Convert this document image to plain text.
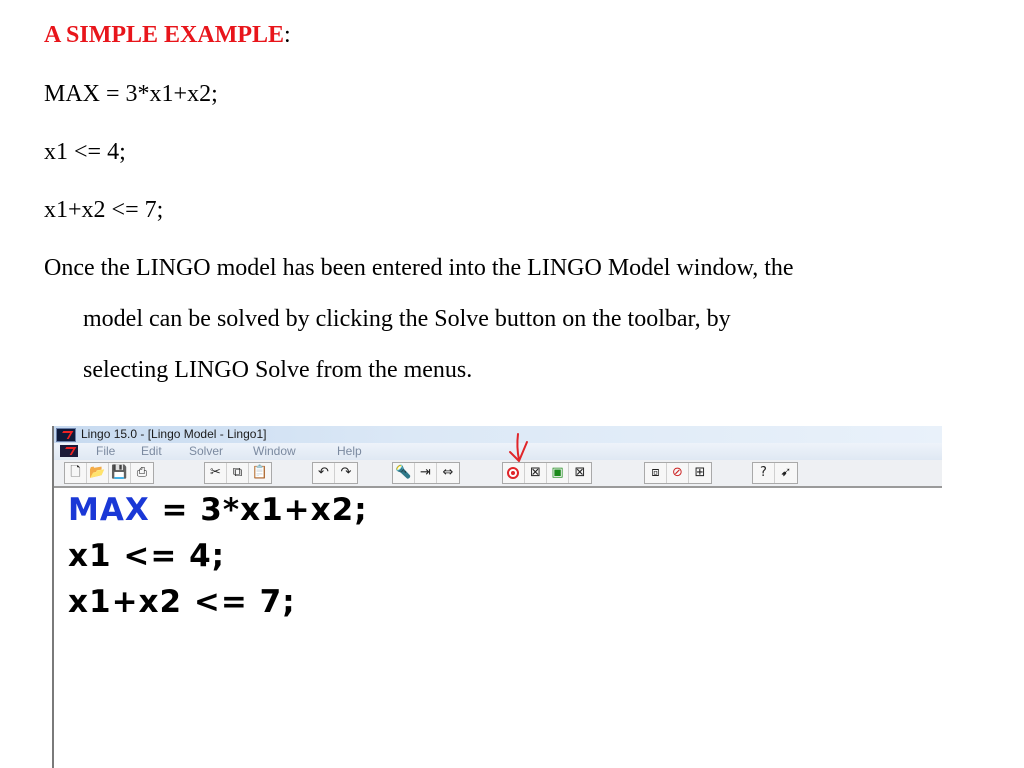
A SIMPLE EXAMPLE:
MAX = 3*x1+x2;
x1 <= 4;
x1+x2 <= 7;
Once the LINGO model has been entered into the LINGO Model window, the
model can be solved by clicking the Solve button on the toolbar, by
selecting LINGO Solve from the menus.
Lingo 15.0 - [Lingo Model - Lingo1]
File Edit Solver Window	Help
🗋 📂 💾 ⎙	✂ ⧉ 📋	↶ ↷	🔦 ⇥ ⇔	⊠ ▣ ⊠	⧈ ⊘ ⊞	?	➹
MAX = 3*x1+x2;
x1 <= 4;
x1+x2 <= 7;
